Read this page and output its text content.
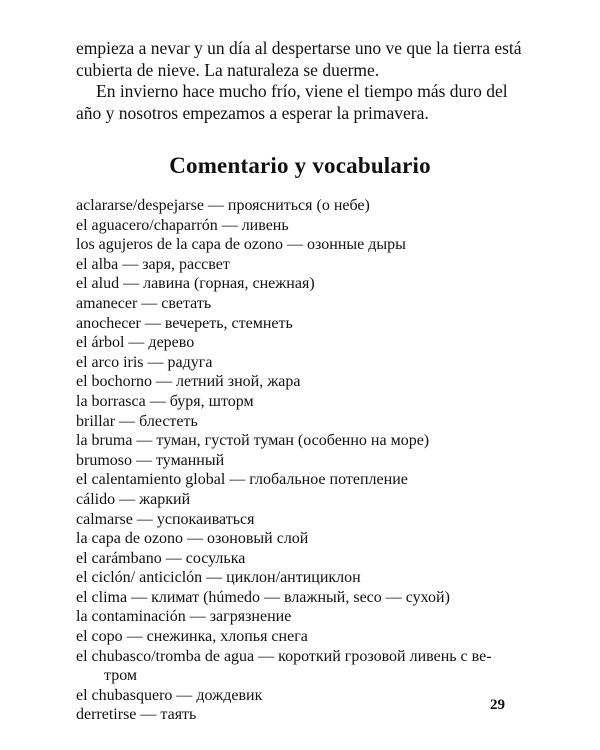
empieza a nevar y un día al despertarse uno ve que la tierra está
cubierta de nieve. La naturaleza se duerme.

En invierno hace mucho frío, viene el tiempo más duro del
año y nosotros empezamos a esperar la primavera.

Comentario y vocabulario
aclararse/despejarse — проясниться (о небе)
el aguacero/chaparrón — ливень
los agujeros de la capa de ozono — озонные дыры
el alba — заря, рассвет
el alud — лавина (горная, снежная)
amanecer — светать
anochecer — вечереть, стемнеть
el árbol — дерево
el arco iris — радуга
el bochorno — летний зной, жара
la borrasca — буря, шторм
brillar — блестеть
la bruma — туман, густой туман (особенно на море)
brumoso — туманный
el calentamiento global — глобальное потепление
cálido — жаркий
calmarse — успокаиваться
la capa de ozono — озоновый слой
el carámbano — сосулька
el ciclón/ anticiclón — циклон/антициклон
el clima — климат (húmedo — влажный, seco — сухой)
la contaminación — загрязнение
el copo — снежинка, хлопья снега
el chubasco/tromba de agua — короткий грозовой ливень с ве-
тром
el chubasquero — дождевик
derretirse — таять
29
